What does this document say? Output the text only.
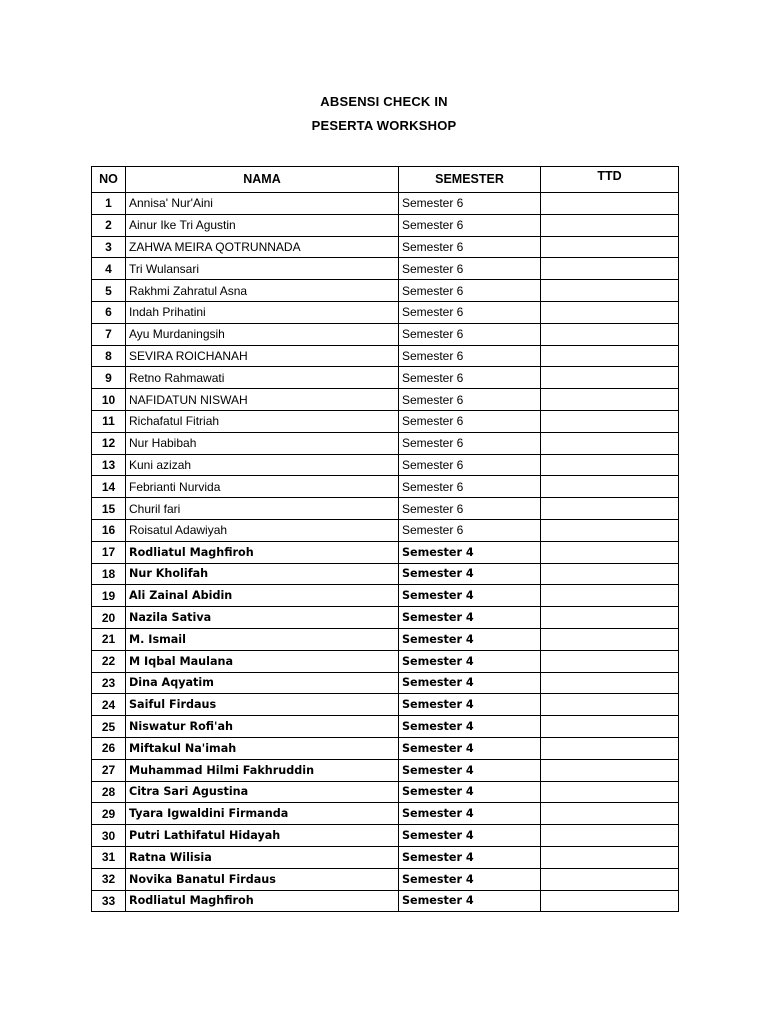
ABSENSI CHECK IN
PESERTA WORKSHOP
NO	NAMA	SEMESTER	TTD
1	Annisa' Nur'Aini	Semester 6	
2	Ainur Ike Tri Agustin	Semester 6	
3	ZAHWA MEIRA QOTRUNNADA	Semester 6	
4	Tri Wulansari	Semester 6	
5	Rakhmi Zahratul Asna	Semester 6	
6	Indah Prihatini	Semester 6	
7	Ayu Murdaningsih	Semester 6	
8	SEVIRA ROICHANAH	Semester 6	
9	Retno Rahmawati	Semester 6	
10	NAFIDATUN NISWAH	Semester 6	
11	Richafatul Fitriah	Semester 6	
12	Nur Habibah	Semester 6	
13	Kuni azizah	Semester 6	
14	Febrianti Nurvida	Semester 6	
15	Churil fari	Semester 6	
16	Roisatul Adawiyah	Semester 6	
17	Rodliatul Maghfiroh	Semester 4	
18	Nur Kholifah	Semester 4	
19	Ali Zainal Abidin	Semester 4	
20	Nazila Sativa	Semester 4	
21	M. Ismail	Semester 4	
22	M Iqbal Maulana	Semester 4	
23	Dina Aqyatim	Semester 4	
24	Saiful Firdaus	Semester 4	
25	Niswatur Rofi'ah	Semester 4	
26	Miftakul Na'imah	Semester 4	
27	Muhammad Hilmi Fakhruddin	Semester 4	
28	Citra Sari Agustina	Semester 4	
29	Tyara Igwaldini Firmanda	Semester 4	
30	Putri Lathifatul Hidayah	Semester 4	
31	Ratna Wilisia	Semester 4	
32	Novika Banatul Firdaus	Semester 4	
33	Rodliatul Maghfiroh	Semester 4	
